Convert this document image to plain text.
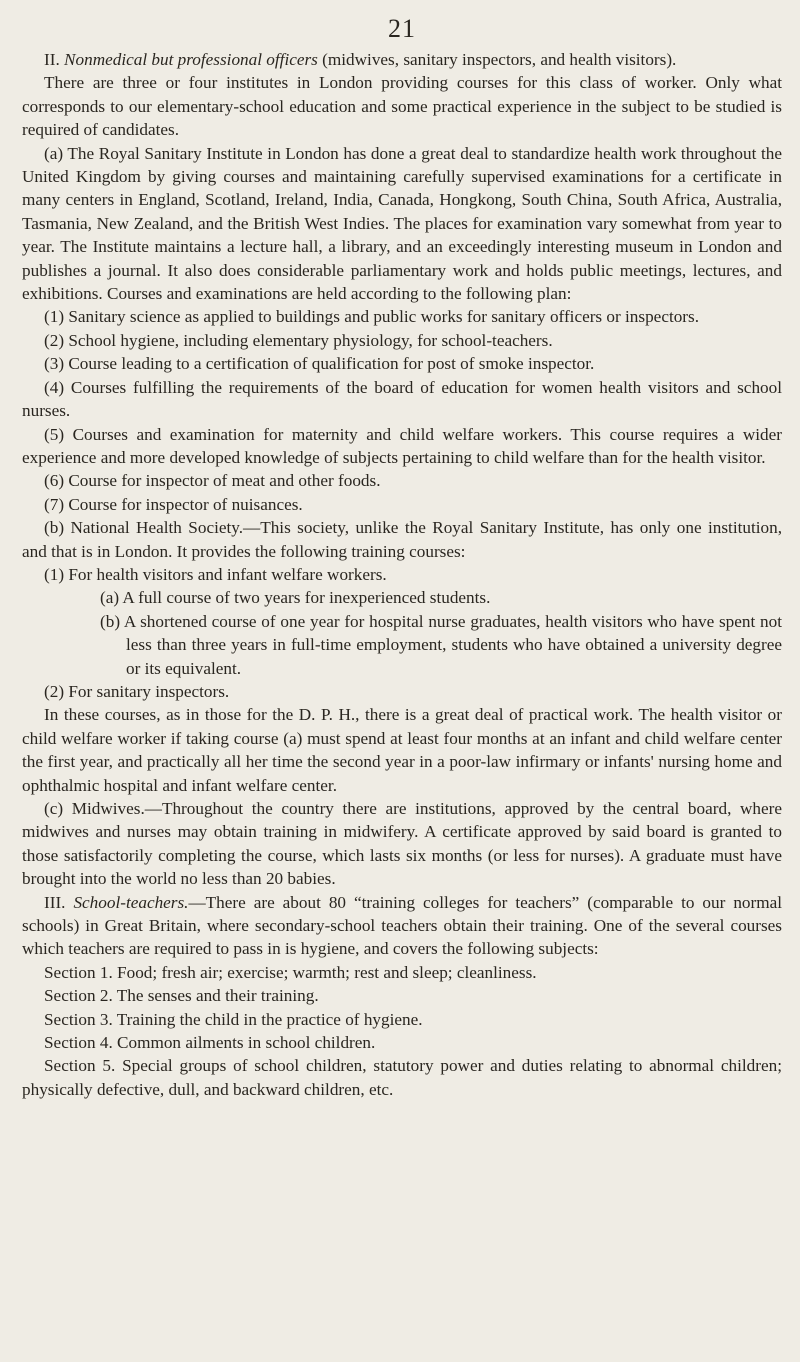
21

II. Nonmedical but professional officers (midwives, sanitary inspectors, and health visitors).

There are three or four institutes in London providing courses for this class of worker. Only what corresponds to our elementary-school education and some practical experience in the subject to be studied is required of candidates.

(a) The Royal Sanitary Institute in London has done a great deal to standardize health work throughout the United Kingdom by giving courses and maintaining carefully supervised examinations for a certificate in many centers in England, Scotland, Ireland, India, Canada, Hongkong, South China, South Africa, Australia, Tasmania, New Zealand, and the British West Indies. The places for examination vary somewhat from year to year. The Institute maintains a lecture hall, a library, and an exceedingly interesting museum in London and publishes a journal. It also does considerable parliamentary work and holds public meetings, lectures, and exhibitions. Courses and examinations are held according to the following plan:

(1) Sanitary science as applied to buildings and public works for sanitary officers or inspectors.

(2) School hygiene, including elementary physiology, for school-teachers.

(3) Course leading to a certification of qualification for post of smoke inspector.

(4) Courses fulfilling the requirements of the board of education for women health visitors and school nurses.

(5) Courses and examination for maternity and child welfare workers. This course requires a wider experience and more developed knowledge of subjects pertaining to child welfare than for the health visitor.

(6) Course for inspector of meat and other foods.

(7) Course for inspector of nuisances.

(b) National Health Society.—This society, unlike the Royal Sanitary Institute, has only one institution, and that is in London. It provides the following training courses:

(1) For health visitors and infant welfare workers.

(a) A full course of two years for inexperienced students.

(b) A shortened course of one year for hospital nurse graduates, health visitors who have spent not less than three years in full-time employment, students who have obtained a university degree or its equivalent.

(2) For sanitary inspectors.

In these courses, as in those for the D. P. H., there is a great deal of practical work. The health visitor or child welfare worker if taking course (a) must spend at least four months at an infant and child welfare center the first year, and practically all her time the second year in a poor-law infirmary or infants' nursing home and ophthalmic hospital and infant welfare center.

(c) Midwives.—Throughout the country there are institutions, approved by the central board, where midwives and nurses may obtain training in midwifery. A certificate approved by said board is granted to those satisfactorily completing the course, which lasts six months (or less for nurses). A graduate must have brought into the world no less than 20 babies.

III. School-teachers.—There are about 80 “training colleges for teachers” (comparable to our normal schools) in Great Britain, where secondary-school teachers obtain their training. One of the several courses which teachers are required to pass in is hygiene, and covers the following subjects:

Section 1. Food; fresh air; exercise; warmth; rest and sleep; cleanliness.

Section 2. The senses and their training.

Section 3. Training the child in the practice of hygiene.

Section 4. Common ailments in school children.

Section 5. Special groups of school children, statutory power and duties relating to abnormal children; physically defective, dull, and backward children, etc.
